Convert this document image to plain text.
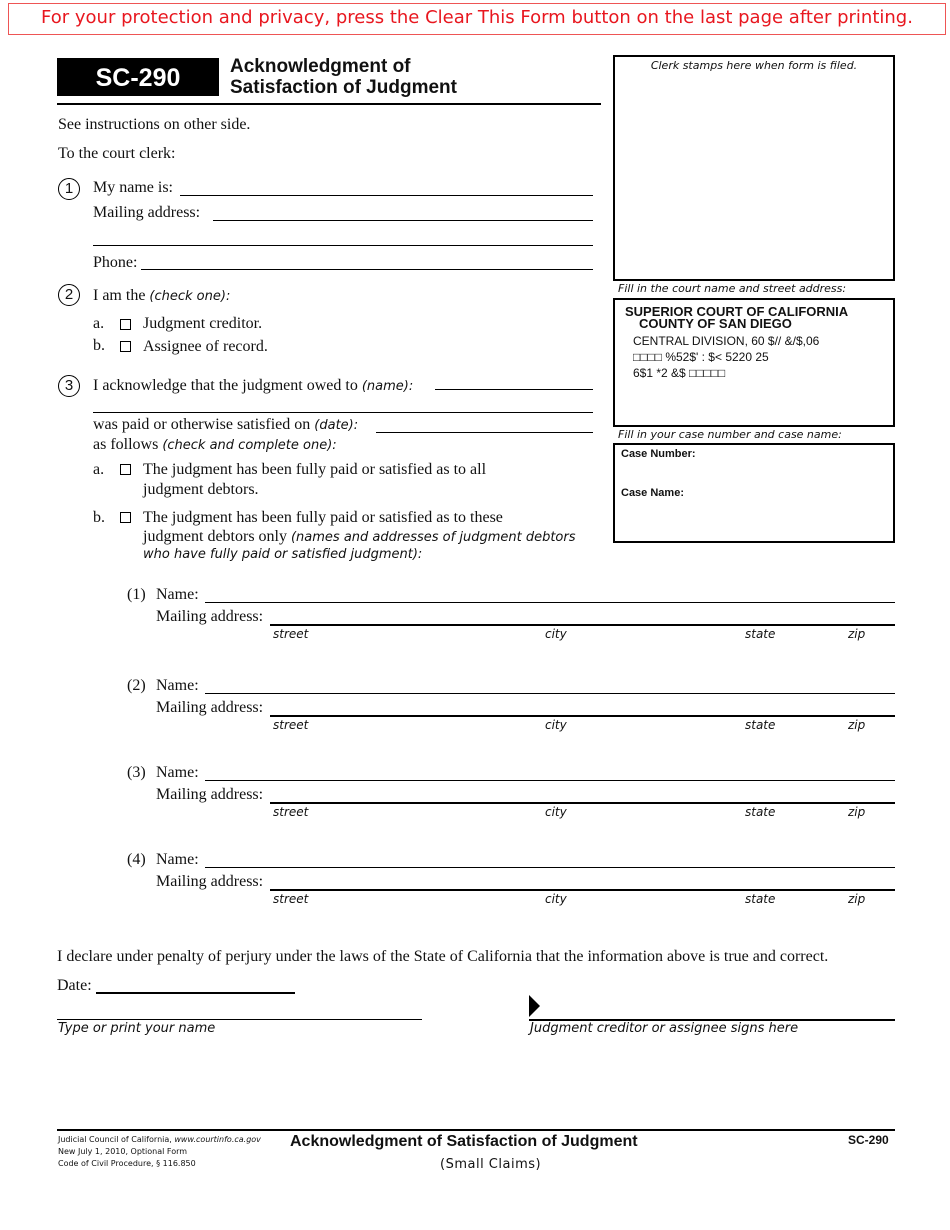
For your protection and privacy, press the Clear This Form button on the last page after printing.
SC-290	Acknowledgment of
Satisfaction of Judgment
Clerk stamps here when form is filed.
Fill in the court name and street address:
SUPERIOR COURT OF CALIFORNIA
COUNTY OF SAN DIEGO
CENTRAL DIVISION, 60 $// &/$,06
□□□□ %52$' : $< 5220 25
6$1 *2 &$ □□□□□
Fill in your case number and case name:
Case Number:
Case Name:
See instructions on other side.
To the court clerk:
1	My name is:
Mailing address:
Phone:
2	I am the (check one):
a. Judgment creditor.
b. Assignee of record.
3	I acknowledge that the judgment owed to (name):
was paid or otherwise satisfied on (date):
as follows (check and complete one):
a. The judgment has been fully paid or satisfied as to all
judgment debtors.
b. The judgment has been fully paid or satisfied as to these
judgment debtors only (names and addresses of judgment debtors
who have fully paid or satisfied judgment):
(1) Name:
Mailing address:
street	city	state	zip
(2) Name:
Mailing address:
street	city	state	zip
(3) Name:
Mailing address:
street	city	state	zip
(4) Name:
Mailing address:
street	city	state	zip
I declare under penalty of perjury under the laws of the State of California that the information above is true and correct.
Date:
Type or print your name	Judgment creditor or assignee signs here
Judicial Council of California, www.courtinfo.ca.gov
New July 1, 2010, Optional Form
Code of Civil Procedure, § 116.850
Acknowledgment of Satisfaction of Judgment
(Small Claims)
SC-290
